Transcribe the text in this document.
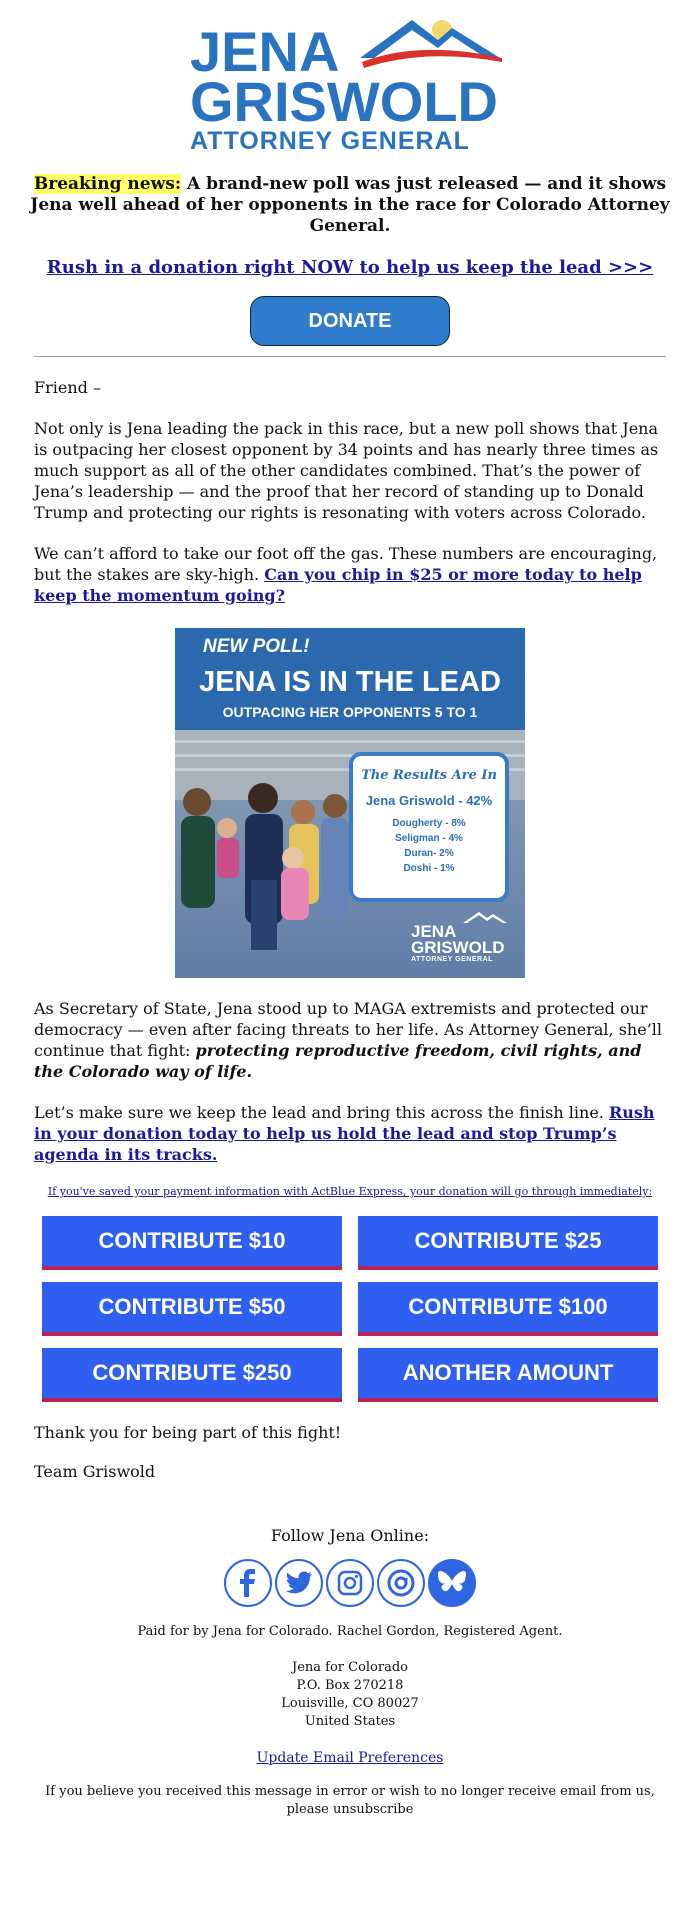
JENA
GRISWOLD
ATTORNEY GENERAL
Breaking news: A brand-new poll was just released — and it shows Jena well ahead of her opponents in the race for Colorado Attorney General.
Rush in a donation right NOW to help us keep the lead >>>
DONATE

Friend –

Not only is Jena leading the pack in this race, but a new poll shows that Jena is outpacing her closest opponent by 34 points and has nearly three times as much support as all of the other candidates combined. That’s the power of Jena’s leadership — and the proof that her record of standing up to Donald Trump and protecting our rights is resonating with voters across Colorado.

We can’t afford to take our foot off the gas. These numbers are encouraging, but the stakes are sky-high. Can you chip in $25 or more today to help keep the momentum going?

NEW POLL!
JENA IS IN THE LEAD
OUTPACING HER OPPONENTS 5 TO 1
The Results Are In
Jena Griswold - 42%
Dougherty - 8%
Seligman - 4%
Duran- 2%
Doshi - 1%
JENA
GRISWOLD
ATTORNEY GENERAL

As Secretary of State, Jena stood up to MAGA extremists and protected our democracy — even after facing threats to her life. As Attorney General, she’ll continue that fight: protecting reproductive freedom, civil rights, and the Colorado way of life.

Let’s make sure we keep the lead and bring this across the finish line. Rush in your donation today to help us hold the lead and stop Trump’s agenda in its tracks.

If you've saved your payment information with ActBlue Express, your donation will go through immediately:
CONTRIBUTE $10	CONTRIBUTE $25
CONTRIBUTE $50	CONTRIBUTE $100
CONTRIBUTE $250	ANOTHER AMOUNT

Thank you for being part of this fight!

Team Griswold

Follow Jena Online:
Paid for by Jena for Colorado. Rachel Gordon, Registered Agent.
Jena for Colorado
P.O. Box 270218
Louisville, CO 80027
United States
Update Email Preferences
If you believe you received this message in error or wish to no longer receive email from us, please unsubscribe
